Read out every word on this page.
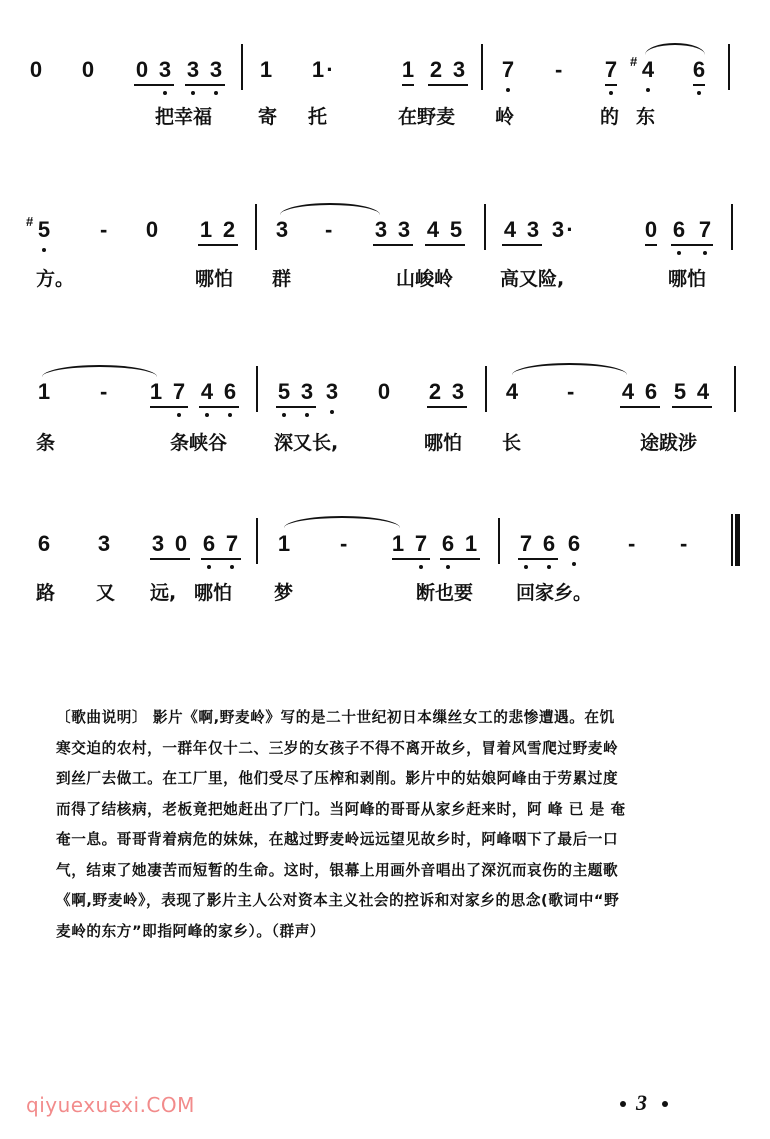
0 0 0 3 3 3 1 1 ·	1 2 3 7 - 7 # 4 6
把幸福 寄 托	在野麦 岭	的 东
# 5 - 0 1 2 3 - 3 3 4 5 4 3 3 ·	0 6 7
方。	哪怕 群	山峻岭 高又险,	哪怕
1 - 1 7 4 6 5 3 3 0 2 3 4 - 4 6 5 4
条	条峡谷 深又长,	哪怕 长	途跋涉
6 3 3 0 6 7 1 - 1 7 6 1 7 6 6 - -
路 又 远, 哪怕 梦	断也要 回家乡。

〔歌曲说明〕 影片《啊,野麦岭》写的是二十世纪初日本缫丝女工的悲惨遭遇。在饥

寒交迫的农村，一群年仅十二、三岁的女孩子不得不离开故乡，冒着风雪爬过野麦岭

到丝厂去做工。在工厂里，他们受尽了压榨和剥削。影片中的姑娘阿峰由于劳累过度

而得了结核病，老板竟把她赶出了厂门。当阿峰的哥哥从家乡赶来时，阿 峰 已 是 奄

奄一息。哥哥背着病危的妹妹，在越过野麦岭远远望见故乡时，阿峰咽下了最后一口

气，结束了她凄苦而短暂的生命。这时，银幕上用画外音唱出了深沉而哀伤的主题歌

《啊,野麦岭》，表现了影片主人公对资本主义社会的控诉和对家乡的思念(歌词中“野

麦岭的东方”即指阿峰的家乡）。（群声）

3
qiyuexuexi.COM
